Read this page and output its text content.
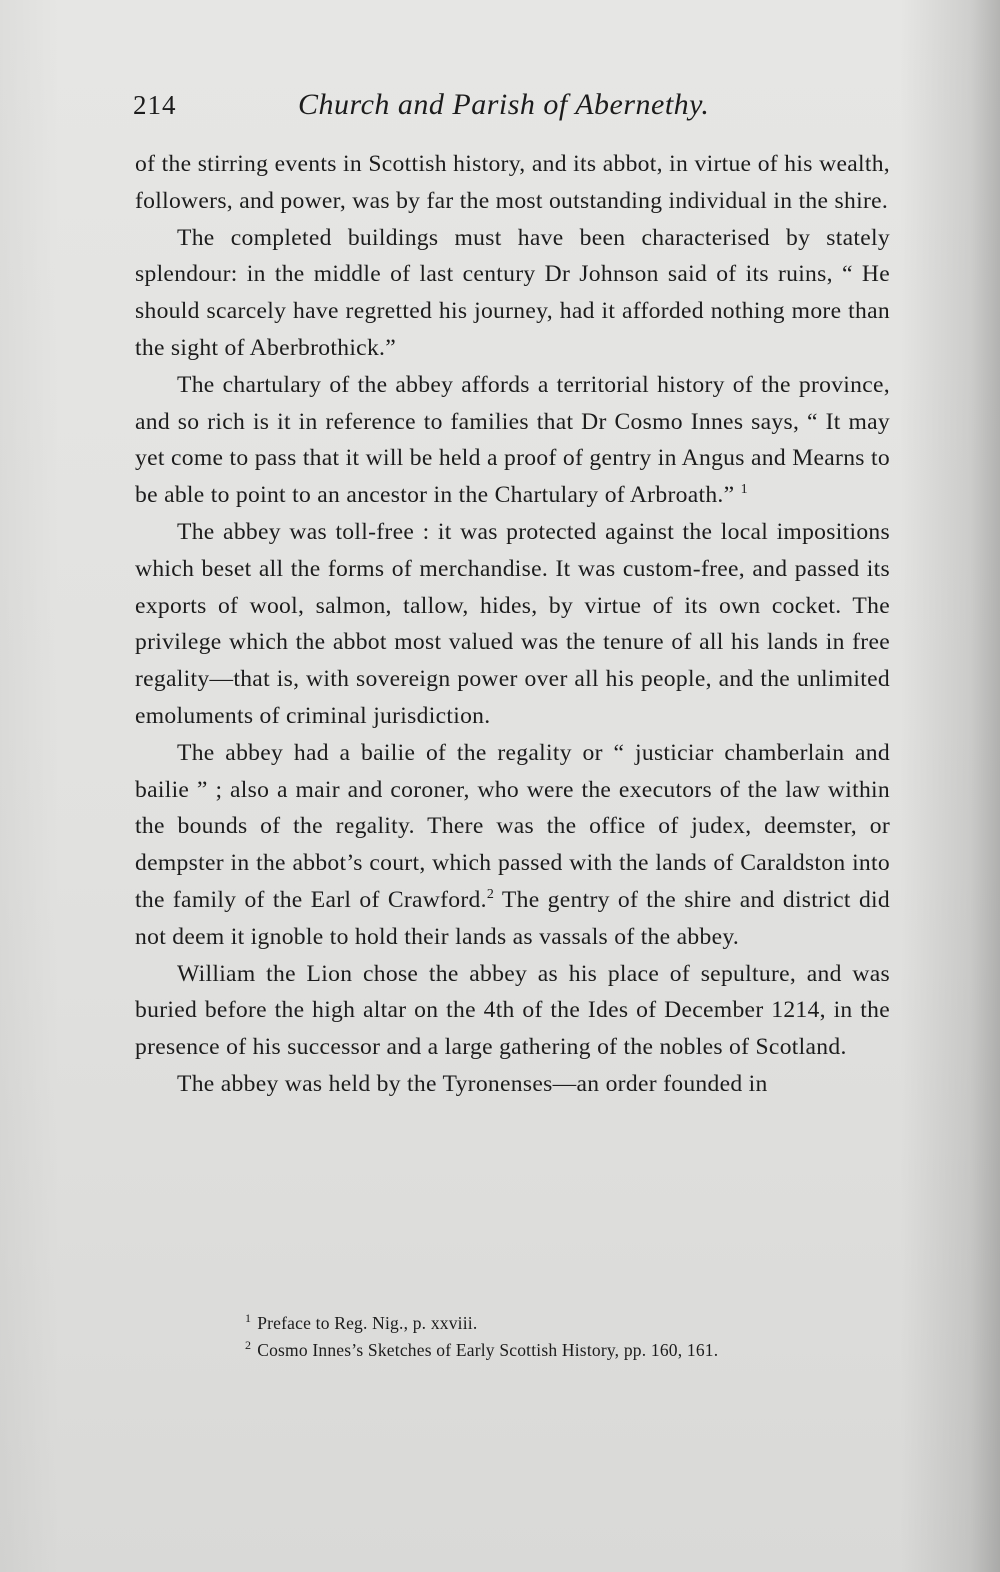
214	Church and Parish of Abernethy.

of the stirring events in Scottish history, and its abbot, in virtue of his wealth, followers, and power, was by far the most outstanding individual in the shire.

The completed buildings must have been characterised by stately splendour: in the middle of last century Dr Johnson said of its ruins, “ He should scarcely have regretted his journey, had it afforded nothing more than the sight of Aberbrothick.”

The chartulary of the abbey affords a territorial history of the province, and so rich is it in reference to families that Dr Cosmo Innes says, “ It may yet come to pass that it will be held a proof of gentry in Angus and Mearns to be able to point to an ancestor in the Chartulary of Arbroath.” $^1$

The abbey was toll-free : it was protected against the local impositions which beset all the forms of merchandise. It was custom-free, and passed its exports of wool, salmon, tallow, hides, by virtue of its own cocket. The privilege which the abbot most valued was the tenure of all his lands in free regality—that is, with sovereign power over all his people, and the unlimited emoluments of criminal jurisdiction.

The abbey had a bailie of the regality or “ justiciar chamberlain and bailie ” ; also a mair and coroner, who were the executors of the law within the bounds of the regality. There was the office of judex, deemster, or dempster in the abbot’s court, which passed with the lands of Caraldston into the family of the Earl of Crawford.$^2$ The gentry of the shire and district did not deem it ignoble to hold their lands as vassals of the abbey.

William the Lion chose the abbey as his place of sepulture, and was buried before the high altar on the 4th of the Ides of December 1214, in the presence of his successor and a large gathering of the nobles of Scotland.

The abbey was held by the Tyronenses—an order founded in

$^1$ Preface to Reg. Nig., p. xxviii.
$^2$ Cosmo Innes’s Sketches of Early Scottish History, pp. 160, 161.
